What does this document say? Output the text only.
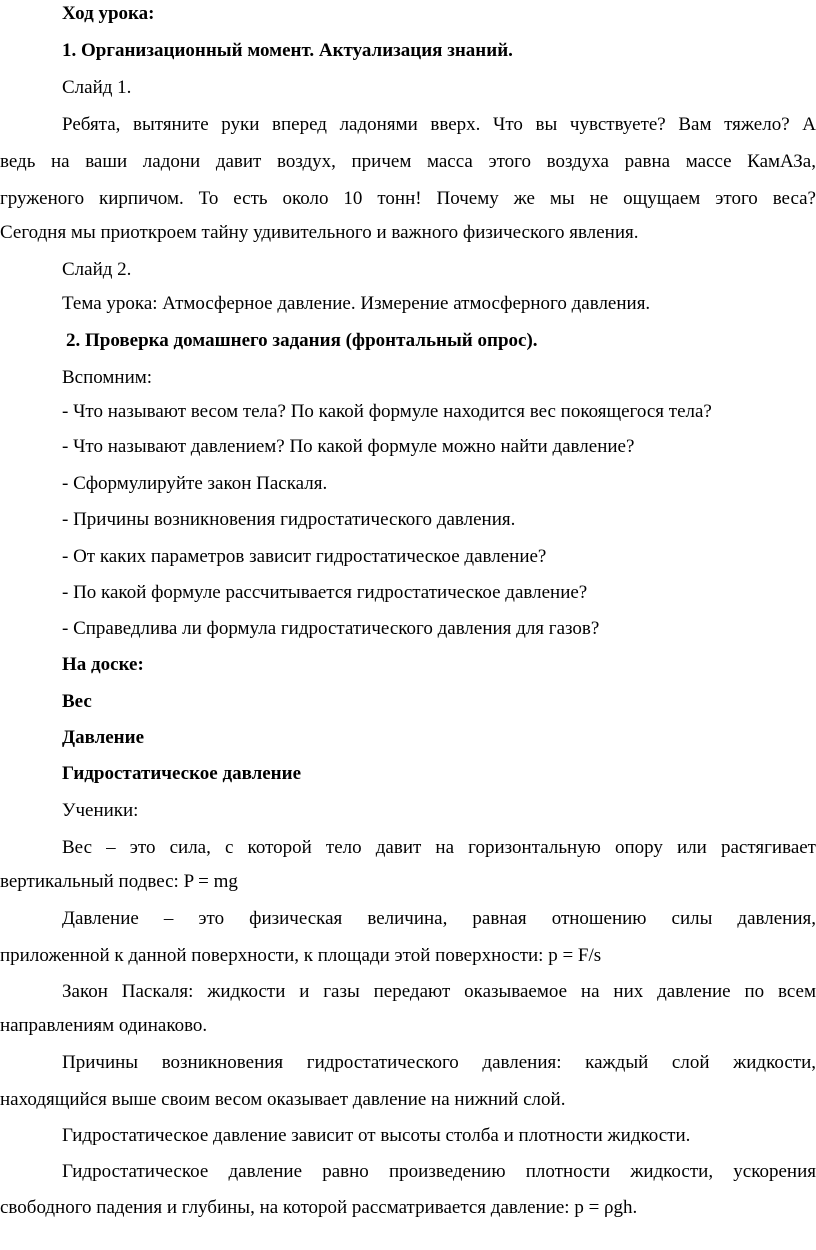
Ход урока:
1. Организационный момент. Актуализация знаний.
Слайд 1.
Ребята, вытяните руки вперед ладонями вверх. Что вы чувствуете? Вам тяжело? А
ведь на ваши ладони давит воздух, причем масса этого воздуха равна массе КамАЗа,
груженого кирпичом. То есть около 10 тонн! Почему же мы не ощущаем этого веса?
Сегодня мы приоткроем тайну удивительного и важного физического явления.
Слайд 2.
Тема урока: Атмосферное давление. Измерение атмосферного давления.
2. Проверка домашнего задания (фронтальный опрос).
Вспомним:
- Что называют весом тела? По какой формуле находится вес покоящегося тела?
- Что называют давлением? По какой формуле можно найти давление?
- Сформулируйте закон Паскаля.
- Причины возникновения гидростатического давления.
- От каких параметров зависит гидростатическое давление?
- По какой формуле рассчитывается гидростатическое давление?
- Справедлива ли формула гидростатического давления для газов?
На доске:
Вес
Давление
Гидростатическое давление
Ученики:
Вес – это сила, с которой тело давит на горизонтальную опору или растягивает
вертикальный подвес: P = mg
Давление – это физическая величина, равная отношению силы давления,
приложенной к данной поверхности, к площади этой поверхности: p = F/s
Закон Паскаля: жидкости и газы передают оказываемое на них давление по всем
направлениям одинаково.
Причины возникновения гидростатического давления: каждый слой жидкости,
находящийся выше своим весом оказывает давление на нижний слой.
Гидростатическое давление зависит от высоты столба и плотности жидкости.
Гидростатическое давление равно произведению плотности жидкости, ускорения
свободного падения и глубины, на которой рассматривается давление: p = ρgh.
